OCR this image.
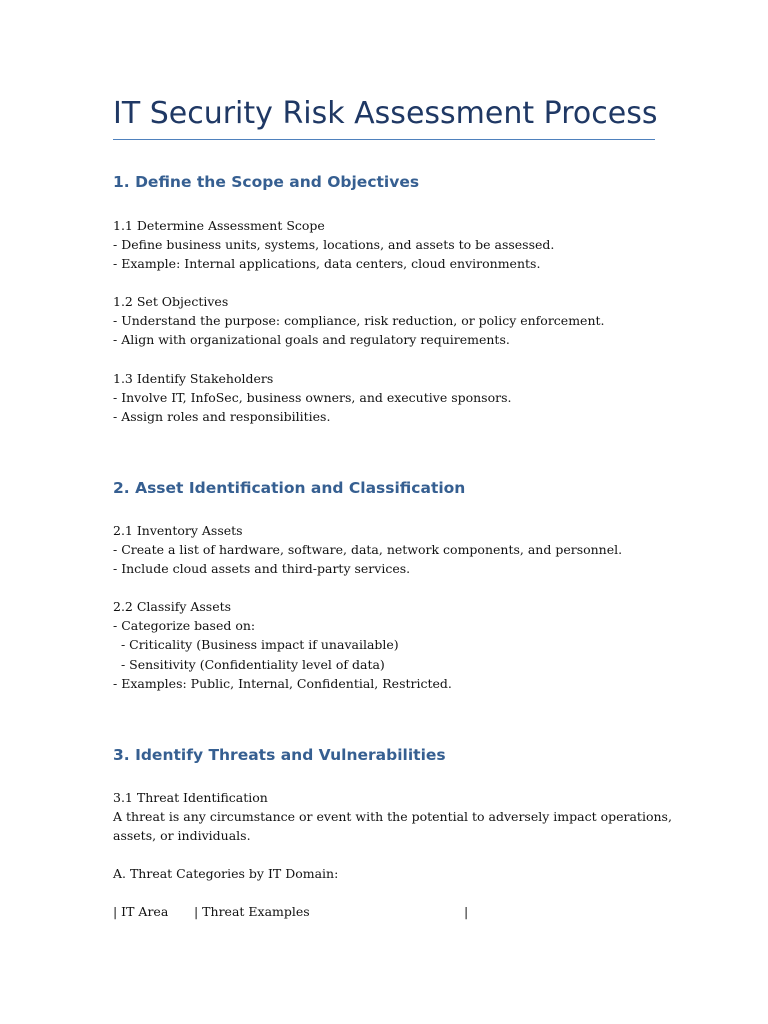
IT Security Risk Assessment Process
1. Define the Scope and Objectives
1.1 Determine Assessment Scope
- Define business units, systems, locations, and assets to be assessed.
- Example: Internal applications, data centers, cloud environments.
1.2 Set Objectives
- Understand the purpose: compliance, risk reduction, or policy enforcement.
- Align with organizational goals and regulatory requirements.
1.3 Identify Stakeholders
- Involve IT, InfoSec, business owners, and executive sponsors.
- Assign roles and responsibilities.
2. Asset Identification and Classification
2.1 Inventory Assets
- Create a list of hardware, software, data, network components, and personnel.
- Include cloud assets and third-party services.
2.2 Classify Assets
- Categorize based on:
- Criticality (Business impact if unavailable)
- Sensitivity (Confidentiality level of data)
- Examples: Public, Internal, Confidential, Restricted.
3. Identify Threats and Vulnerabilities
3.1 Threat Identification
A threat is any circumstance or event with the potential to adversely impact operations,
assets, or individuals.
A. Threat Categories by IT Domain:

| IT Area

| Threat Examples

	|
